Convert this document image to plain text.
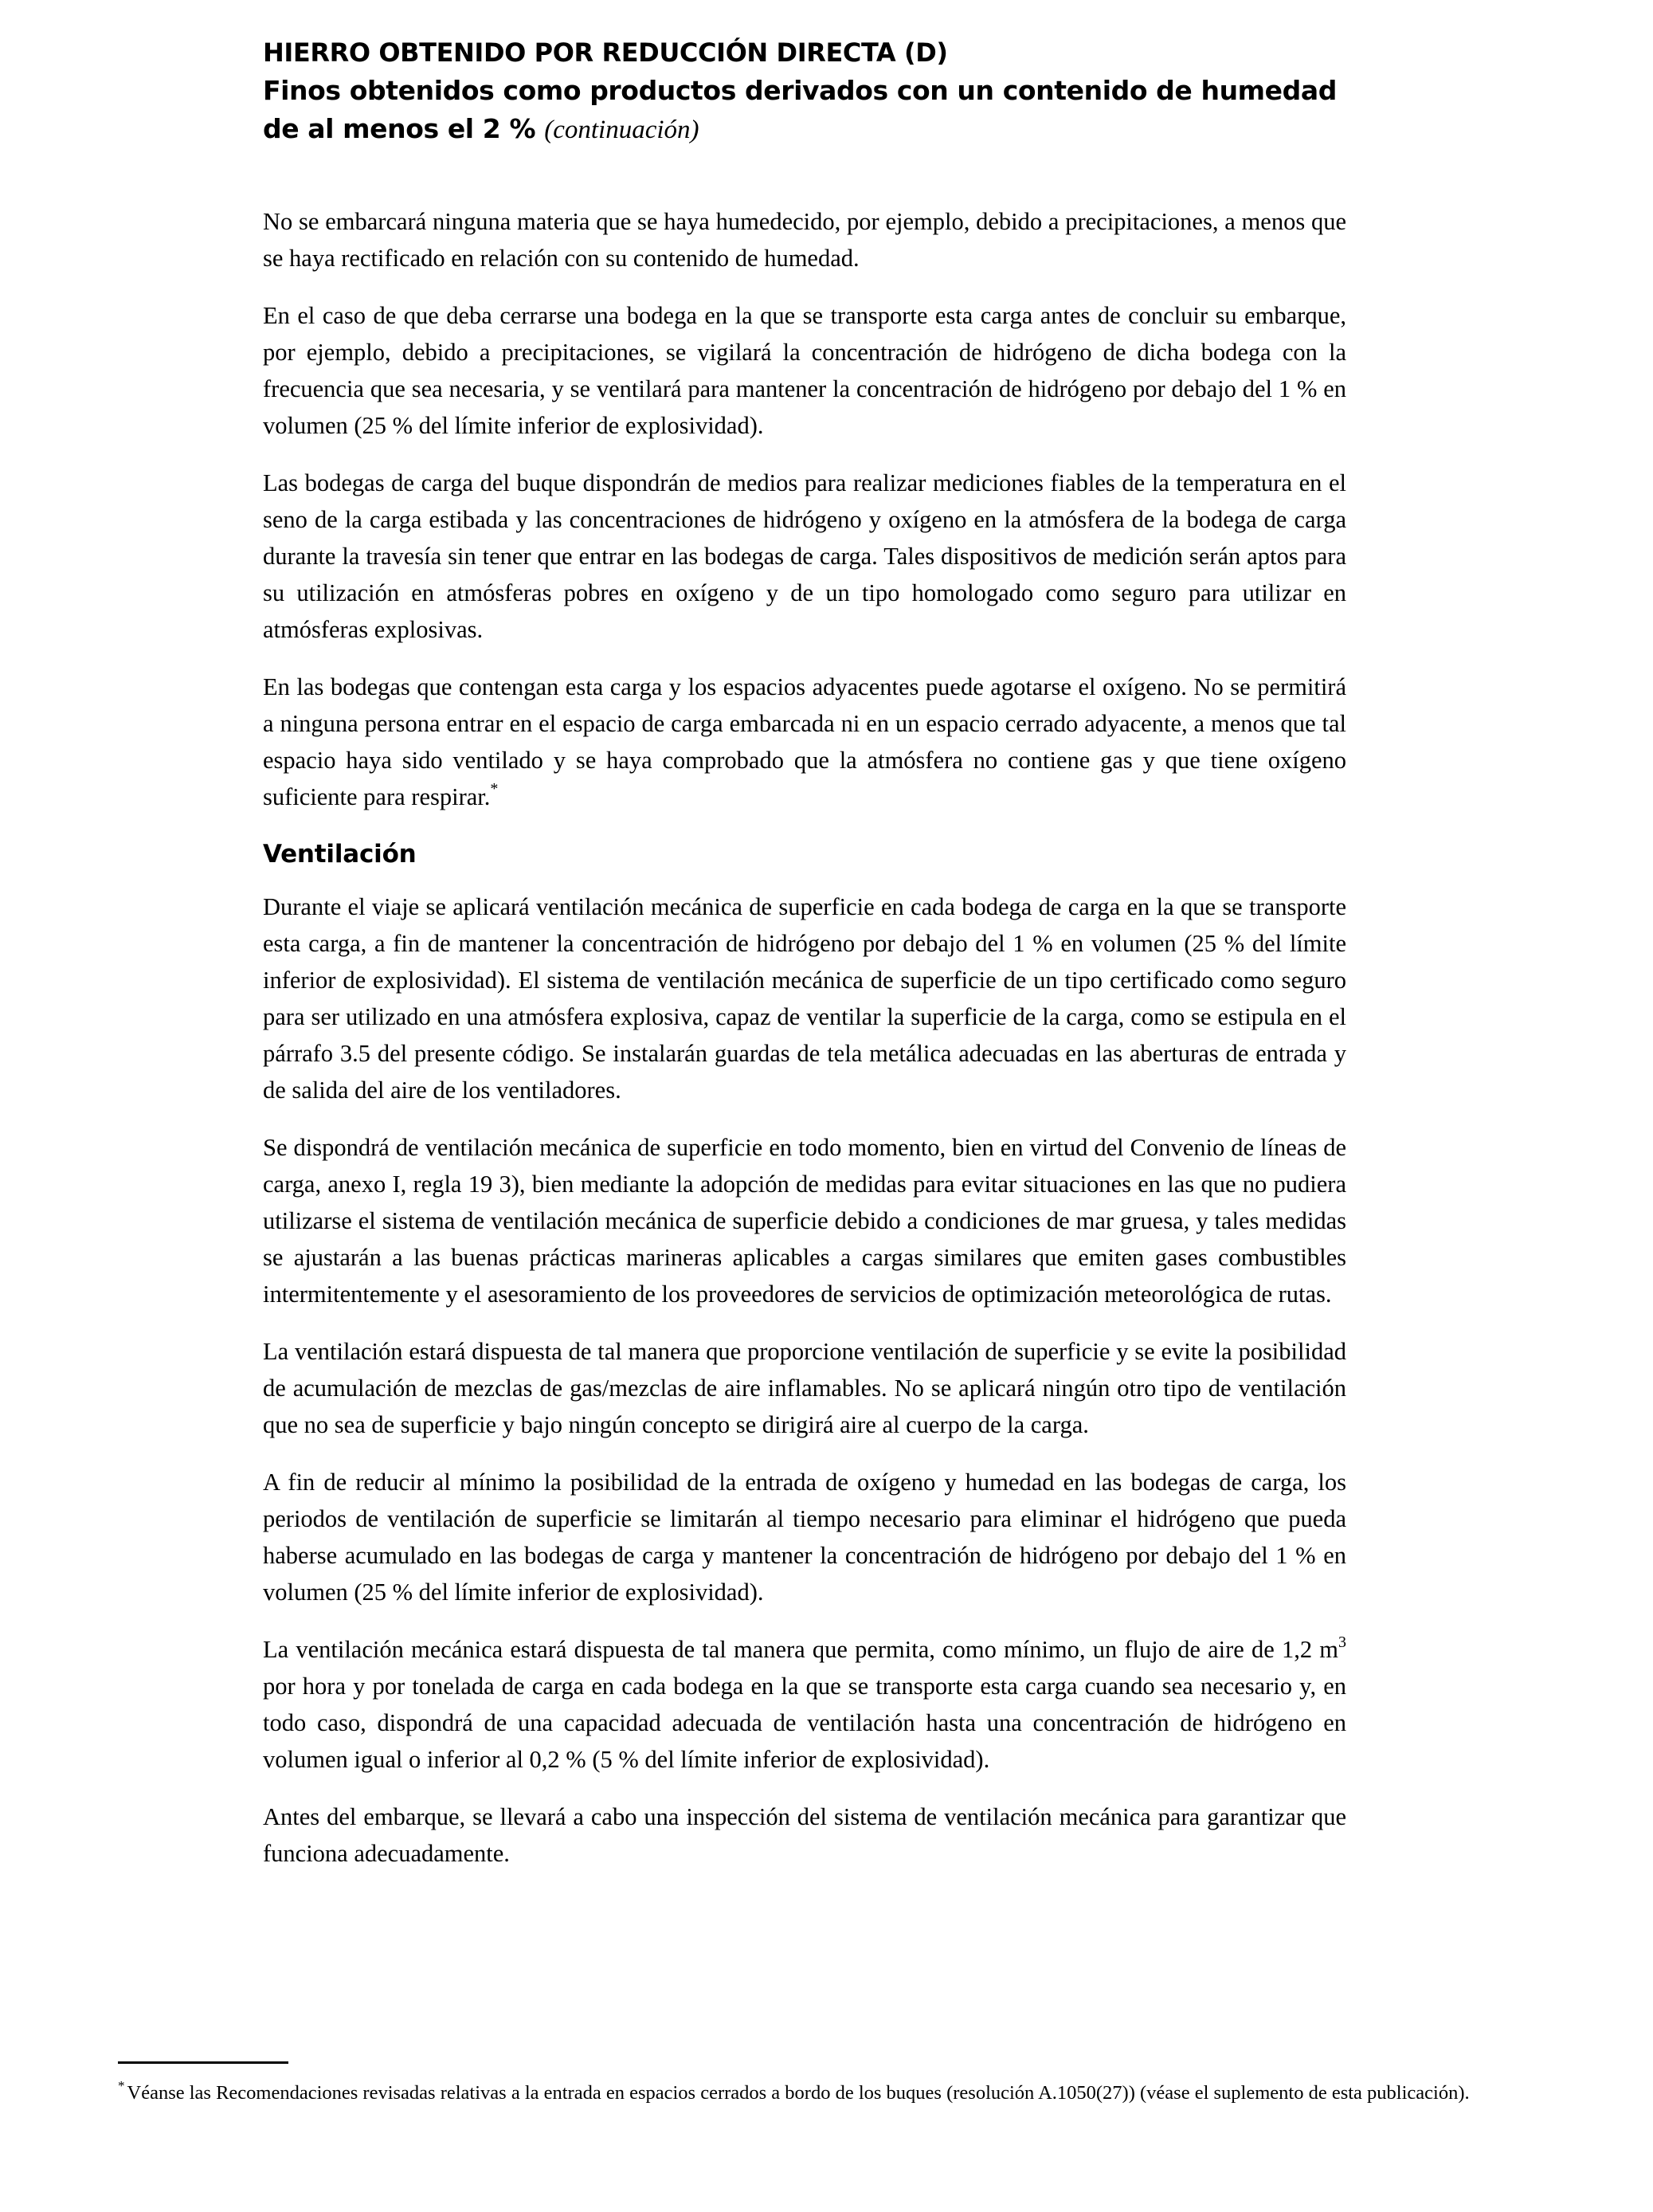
HIERRO OBTENIDO POR REDUCCIÓN DIRECTA (D)
Finos obtenidos como productos derivados con un contenido de humedad
de al menos el 2 % (continuación)

No se embarcará ninguna materia que se haya humedecido, por ejemplo, debido a precipitaciones, a menos que se haya rectificado en relación con su contenido de humedad.

En el caso de que deba cerrarse una bodega en la que se transporte esta carga antes de concluir su embarque, por ejemplo, debido a precipitaciones, se vigilará la concentración de hidrógeno de dicha bodega con la frecuencia que sea necesaria, y se ventilará para mantener la concentración de hidrógeno por debajo del 1 % en volumen (25 % del límite inferior de explosividad).

Las bodegas de carga del buque dispondrán de medios para realizar mediciones fiables de la temperatura en el seno de la carga estibada y las concentraciones de hidrógeno y oxígeno en la atmósfera de la bodega de carga durante la travesía sin tener que entrar en las bodegas de carga. Tales dispositivos de medición serán aptos para su utilización en atmósferas pobres en oxígeno y de un tipo homologado como seguro para utilizar en atmósferas explosivas.

En las bodegas que contengan esta carga y los espacios adyacentes puede agotarse el oxígeno. No se permitirá a ninguna persona entrar en el espacio de carga embarcada ni en un espacio cerrado adyacente, a menos que tal espacio haya sido ventilado y se haya comprobado que la atmósfera no contiene gas y que tiene oxígeno suficiente para respirar.*

Ventilación

Durante el viaje se aplicará ventilación mecánica de superficie en cada bodega de carga en la que se transporte esta carga, a fin de mantener la concentración de hidrógeno por debajo del 1 % en volumen (25 % del límite inferior de explosividad). El sistema de ventilación mecánica de superficie de un tipo certificado como seguro para ser utilizado en una atmósfera explosiva, capaz de ventilar la superficie de la carga, como se estipula en el párrafo 3.5 del presente código. Se instalarán guardas de tela metálica adecuadas en las aberturas de entrada y de salida del aire de los ventiladores.

Se dispondrá de ventilación mecánica de superficie en todo momento, bien en virtud del Convenio de líneas de carga, anexo I, regla 19 3), bien mediante la adopción de medidas para evitar situaciones en las que no pudiera utilizarse el sistema de ventilación mecánica de superficie debido a condiciones de mar gruesa, y tales medidas se ajustarán a las buenas prácticas marineras aplicables a cargas similares que emiten gases combustibles intermitentemente y el asesoramiento de los proveedores de servicios de optimización meteorológica de rutas.

La ventilación estará dispuesta de tal manera que proporcione ventilación de superficie y se evite la posibilidad de acumulación de mezclas de gas/mezclas de aire inflamables. No se aplicará ningún otro tipo de ventilación que no sea de superficie y bajo ningún concepto se dirigirá aire al cuerpo de la carga.

A fin de reducir al mínimo la posibilidad de la entrada de oxígeno y humedad en las bodegas de carga, los periodos de ventilación de superficie se limitarán al tiempo necesario para eliminar el hidrógeno que pueda haberse acumulado en las bodegas de carga y mantener la concentración de hidrógeno por debajo del 1 % en volumen (25 % del límite inferior de explosividad).

La ventilación mecánica estará dispuesta de tal manera que permita, como mínimo, un flujo de aire de 1,2 $m^3$ por hora y por tonelada de carga en cada bodega en la que se transporte esta carga cuando sea necesario y, en todo caso, dispondrá de una capacidad adecuada de ventilación hasta una concentración de hidrógeno en volumen igual o inferior al 0,2 % (5 % del límite inferior de explosividad).

Antes del embarque, se llevará a cabo una inspección del sistema de ventilación mecánica para garantizar que funciona adecuadamente.

* Véanse las Recomendaciones revisadas relativas a la entrada en espacios cerrados a bordo de los buques (resolución A.1050(27)) (véase el suplemento de esta publicación).
